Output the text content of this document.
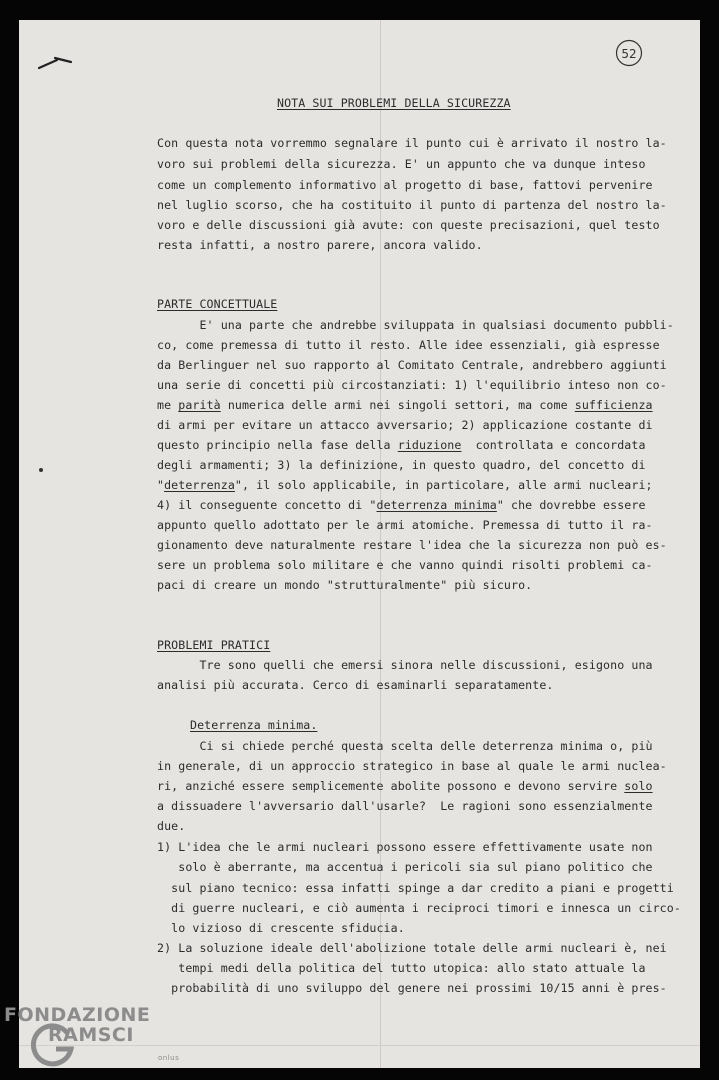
52
NOTA SUI PROBLEMI DELLA SICUREZZA
Con questa nota vorremmo segnalare il punto cui è arrivato il nostro la-
voro sui problemi della sicurezza. E' un appunto che va dunque inteso
come un complemento informativo al progetto di base, fattovi pervenire
nel luglio scorso, che ha costituito il punto di partenza del nostro la-
voro e delle discussioni già avute: con queste precisazioni, quel testo
resta infatti, a nostro parere, ancora valido.
PARTE CONCETTUALE
E' una parte che andrebbe sviluppata in qualsiasi documento pubbli-
co, come premessa di tutto il resto. Alle idee essenziali, già espresse
da Berlinguer nel suo rapporto al Comitato Centrale, andrebbero aggiunti
una serie di concetti più circostanziati: 1) l'equilibrio inteso non co-
me parità numerica delle armi nei singoli settori, ma come sufficienza
di armi per evitare un attacco avversario; 2) applicazione costante di
questo principio nella fase della riduzione  controllata e concordata
degli armamenti; 3) la definizione, in questo quadro, del concetto di
"deterrenza", il solo applicabile, in particolare, alle armi nucleari;
4) il conseguente concetto di "deterrenza minima" che dovrebbe essere
appunto quello adottato per le armi atomiche. Premessa di tutto il ra-
gionamento deve naturalmente restare l'idea che la sicurezza non può es-
sere un problema solo militare e che vanno quindi risolti problemi ca-
paci di creare un mondo "strutturalmente" più sicuro.
PROBLEMI PRATICI
Tre sono quelli che emersi sinora nelle discussioni, esigono una
analisi più accurata. Cerco di esaminarli separatamente.
Deterrenza minima.
Ci si chiede perché questa scelta delle deterrenza minima o, più
in generale, di un approccio strategico in base al quale le armi nuclea-
ri, anziché essere semplicemente abolite possono e devono servire solo
a dissuadere l'avversario dall'usarle?  Le ragioni sono essenzialmente
due.
1) L'idea che le armi nucleari possono essere effettivamente usate non
solo è aberrante, ma accentua i pericoli sia sul piano politico che
sul piano tecnico: essa infatti spinge a dar credito a piani e progetti
di guerre nucleari, e ciò aumenta i reciproci timori e innesca un circo-
lo vizioso di crescente sfiducia.
2) La soluzione ideale dell'abolizione totale delle armi nucleari è, nei
tempi medi della politica del tutto utopica: allo stato attuale la
probabilità di uno sviluppo del genere nei prossimi 10/15 anni è pres-
FONDAZIONE
RAMSCI
onlus
